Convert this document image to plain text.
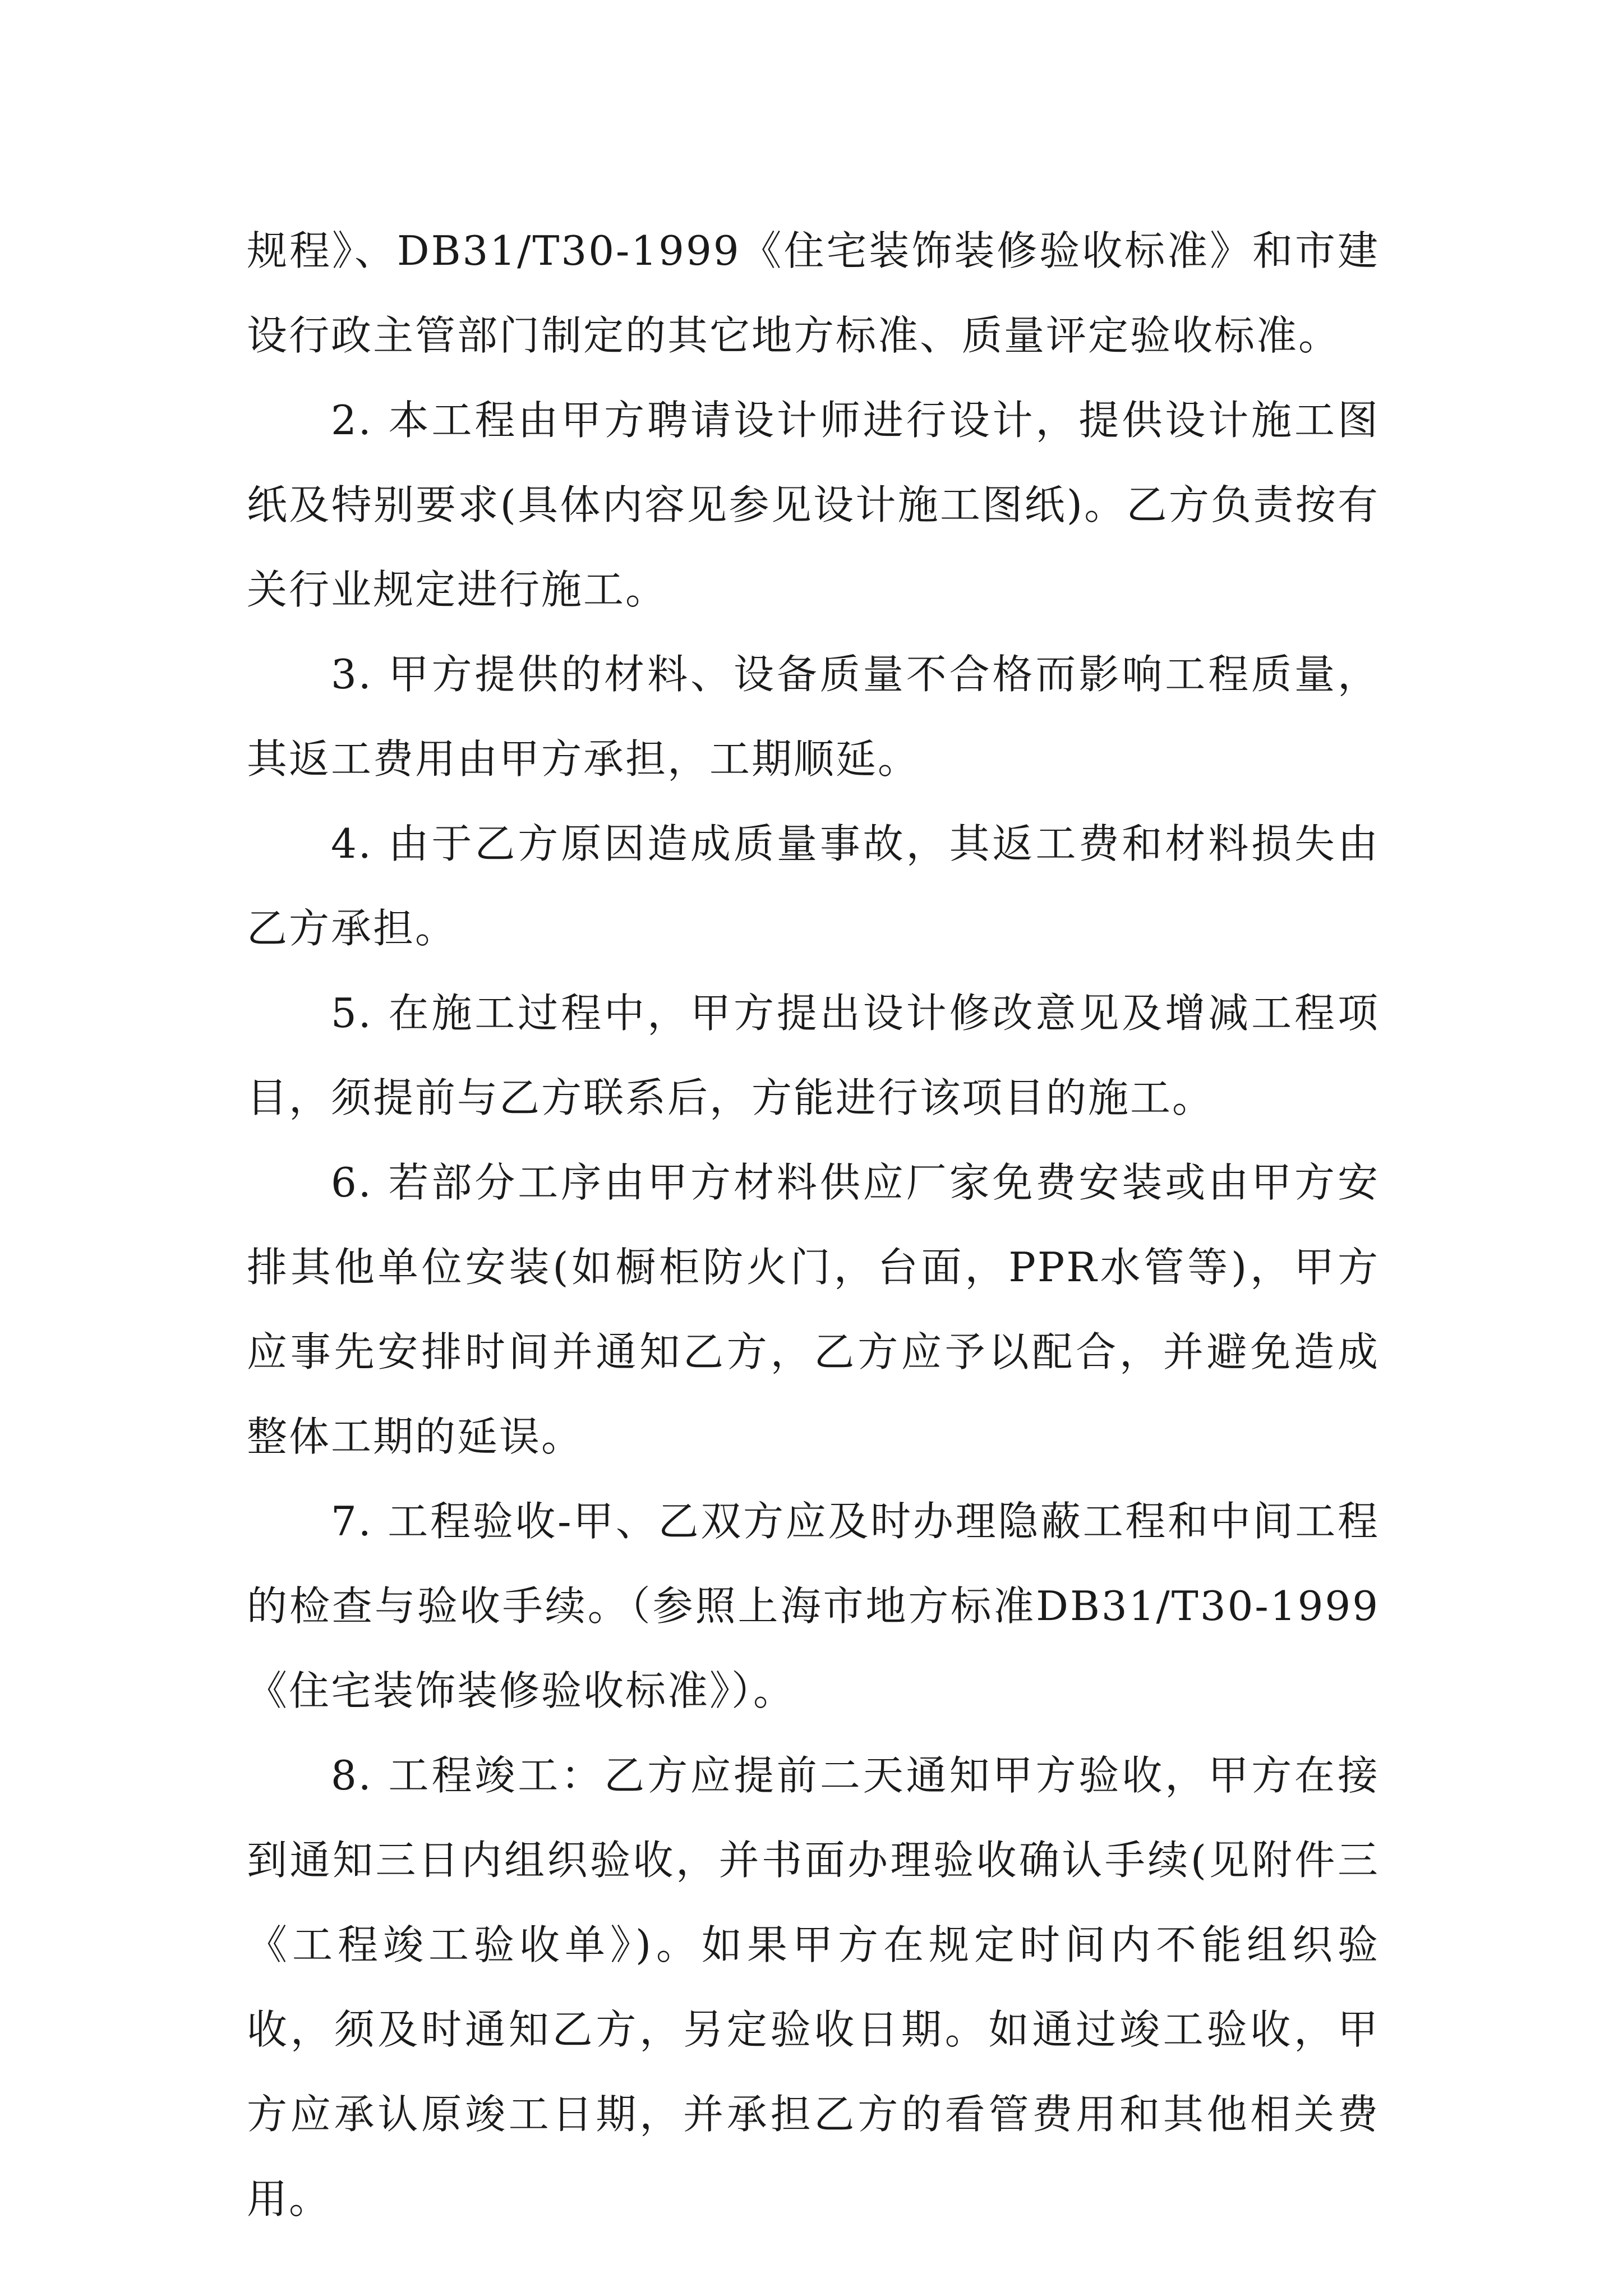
规程》、DB31/T30-1999《住宅装饰装修验收标准》和市建设行政主管部门制定的其它地方标准、质量评定验收标准。

2. 本工程由甲方聘请设计师进行设计，提供设计施工图纸及特别要求(具体内容见参见设计施工图纸)。乙方负责按有关行业规定进行施工。

3. 甲方提供的材料、设备质量不合格而影响工程质量，其返工费用由甲方承担，工期顺延。

4. 由于乙方原因造成质量事故，其返工费和材料损失由乙方承担。

5. 在施工过程中，甲方提出设计修改意见及增减工程项目，须提前与乙方联系后，方能进行该项目的施工。

6. 若部分工序由甲方材料供应厂家免费安装或由甲方安排其他单位安装(如橱柜防火门，台面，PPR水管等)，甲方应事先安排时间并通知乙方，乙方应予以配合，并避免造成整体工期的延误。

7. 工程验收-甲、乙双方应及时办理隐蔽工程和中间工程的检查与验收手续。（参照上海市地方标准DB31/T30-1999《住宅装饰装修验收标准》）。

8. 工程竣工：乙方应提前二天通知甲方验收，甲方在接到通知三日内组织验收，并书面办理验收确认手续(见附件三《工程竣工验收单》)。如果甲方在规定时间内不能组织验收，须及时通知乙方，另定验收日期。如通过竣工验收，甲方应承认原竣工日期，并承担乙方的看管费用和其他相关费用。
